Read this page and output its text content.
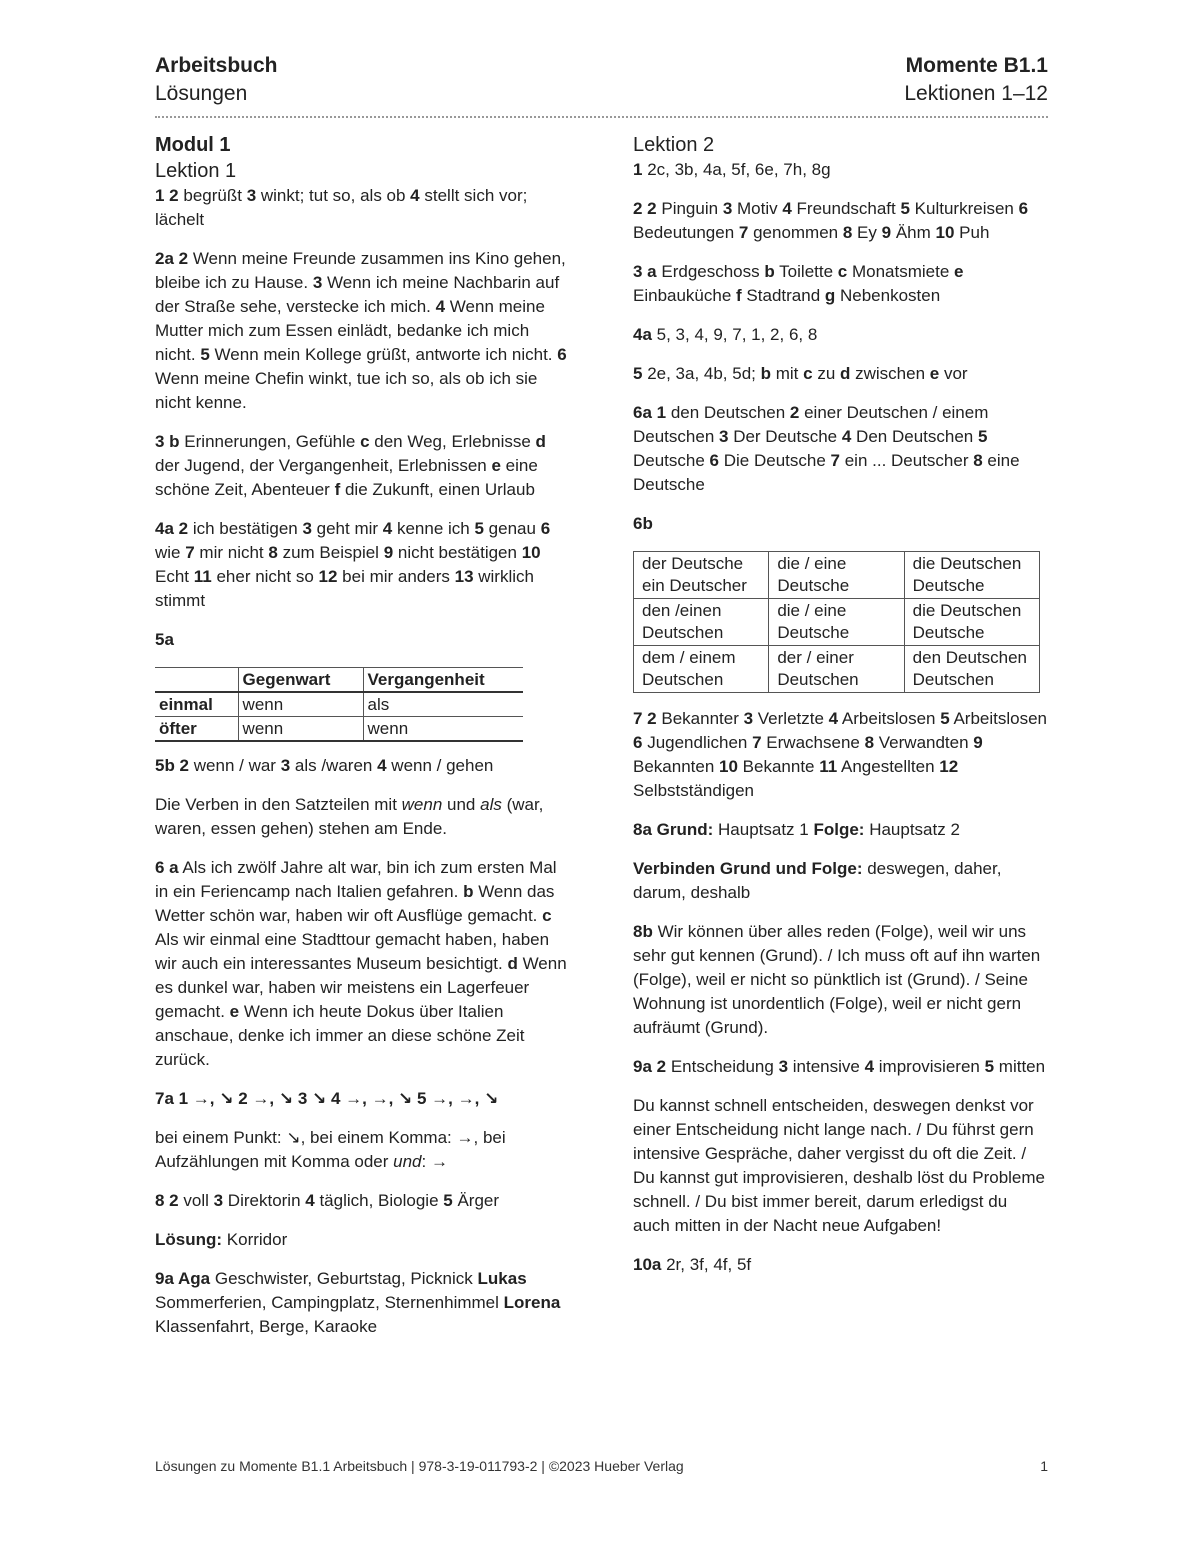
Arbeitsbuch
Lösungen
Momente B1.1
Lektionen 1–12
Modul 1
Lektion 1

1 2 begrüßt 3 winkt; tut so, als ob 4 stellt sich vor; lächelt

2a 2 Wenn meine Freunde zusammen ins Kino gehen, bleibe ich zu Hause. 3 Wenn ich meine Nachbarin auf der Straße sehe, verstecke ich mich. 4 Wenn meine Mutter mich zum Essen einlädt, bedanke ich mich nicht. 5 Wenn mein Kollege grüßt, antworte ich nicht. 6 Wenn meine Chefin winkt, tue ich so, als ob ich sie nicht kenne.

3 b Erinnerungen, Gefühle c den Weg, Erlebnisse d der Jugend, der Vergangenheit, Erlebnissen e eine schöne Zeit, Abenteuer f die Zukunft, einen Urlaub

4a 2 ich bestätigen 3 geht mir 4 kenne ich 5 genau 6 wie 7 mir nicht 8 zum Beispiel 9 nicht bestätigen 10 Echt 11 eher nicht so 12 bei mir anders 13 wirklich stimmt

5a

	Gegenwart	Vergangenheit
einmal	wenn	als
öfter	wenn	wenn

5b 2 wenn / war 3 als /waren 4 wenn / gehen

Die Verben in den Satzteilen mit wenn und als (war, waren, essen gehen) stehen am Ende.

6 a Als ich zwölf Jahre alt war, bin ich zum ersten Mal in ein Feriencamp nach Italien gefahren. b Wenn das Wetter schön war, haben wir oft Ausflüge gemacht. c Als wir einmal eine Stadttour gemacht haben, haben wir auch ein interessantes Museum besichtigt. d Wenn es dunkel war, haben wir meistens ein Lagerfeuer gemacht. e Wenn ich heute Dokus über Italien anschaue, denke ich immer an diese schöne Zeit zurück.

7a 1 →, ↘ 2 →, ↘ 3 ↘ 4 →, →, ↘ 5 →, →, ↘

bei einem Punkt: ↘, bei einem Komma: →, bei Aufzählungen mit Komma oder und: →

8 2 voll 3 Direktorin 4 täglich, Biologie 5 Ärger

Lösung: Korridor

9a Aga Geschwister, Geburtstag, Picknick Lukas Sommerferien, Campingplatz, Sternenhimmel Lorena Klassenfahrt, Berge, Karaoke

Lektion 2

1 2c, 3b, 4a, 5f, 6e, 7h, 8g

2 2 Pinguin 3 Motiv 4 Freundschaft 5 Kulturkreisen 6 Bedeutungen 7 genommen 8 Ey 9 Ähm 10 Puh

3 a Erdgeschoss b Toilette c Monatsmiete e Einbauküche f Stadtrand g Nebenkosten

4a 5, 3, 4, 9, 7, 1, 2, 6, 8

5 2e, 3a, 4b, 5d; b mit c zu d zwischen e vor

6a 1 den Deutschen 2 einer Deutschen / einem Deutschen 3 Der Deutsche 4 Den Deutschen 5 Deutsche 6 Die Deutsche 7 ein ... Deutscher 8 eine Deutsche

6b

der Deutsche ein Deutscher	die / eine Deutsche	die Deutschen Deutsche
den /einen Deutschen	die / eine Deutsche	die Deutschen Deutsche
dem / einem Deutschen	der / einer Deutschen	den Deutschen Deutschen

7 2 Bekannter 3 Verletzte 4 Arbeitslosen 5 Arbeitslosen 6 Jugendlichen 7 Erwachsene 8 Verwandten 9 Bekannten 10 Bekannte 11 Angestellten 12 Selbstständigen

8a Grund: Hauptsatz 1 Folge: Hauptsatz 2

Verbinden Grund und Folge: deswegen, daher, darum, deshalb

8b Wir können über alles reden (Folge), weil wir uns sehr gut kennen (Grund). / Ich muss oft auf ihn warten (Folge), weil er nicht so pünktlich ist (Grund). / Seine Wohnung ist unordentlich (Folge), weil er nicht gern aufräumt (Grund).

9a 2 Entscheidung 3 intensive 4 improvisieren 5 mitten

Du kannst schnell entscheiden, deswegen denkst vor einer Entscheidung nicht lange nach. / Du führst gern intensive Gespräche, daher vergisst du oft die Zeit. / Du kannst gut improvisieren, deshalb löst du Probleme schnell. / Du bist immer bereit, darum erledigst du auch mitten in der Nacht neue Aufgaben!

10a 2r, 3f, 4f, 5f

Lösungen zu Momente B1.1 Arbeitsbuch | 978-3-19-011793-2 | ©2023 Hueber Verlag	1
